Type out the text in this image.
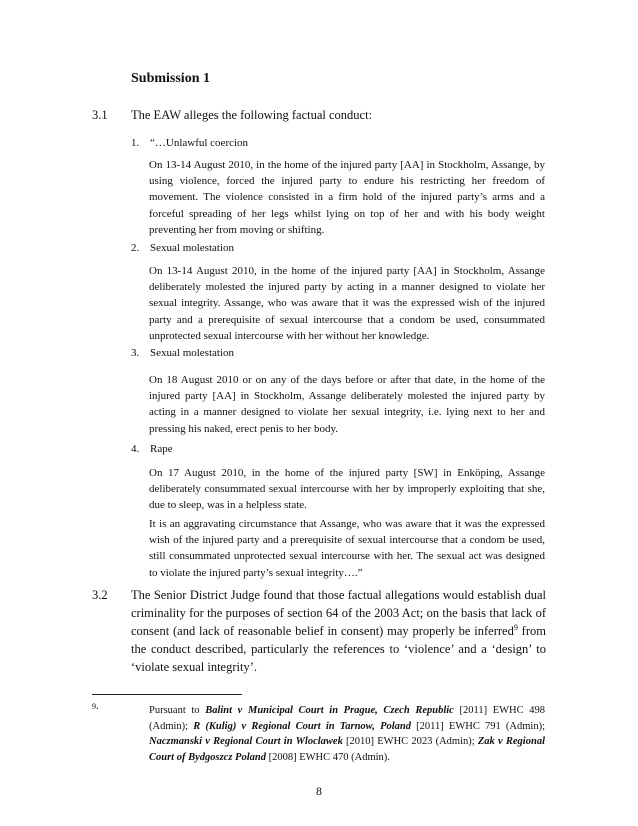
Submission 1
3.1 The EAW alleges the following factual conduct:
1. “…Unlawful coercion
On 13-14 August 2010, in the home of the injured party [AA] in Stockholm, Assange, by using violence, forced the injured party to endure his restricting her freedom of movement. The violence consisted in a firm hold of the injured party’s arms and a forceful spreading of her legs whilst lying on top of her and with his body weight preventing her from moving or shifting.
2. Sexual molestation
On 13-14 August 2010, in the home of the injured party [AA] in Stockholm, Assange deliberately molested the injured party by acting in a manner designed to violate her sexual integrity. Assange, who was aware that it was the expressed wish of the injured party and a prerequisite of sexual intercourse that a condom be used, consummated unprotected sexual intercourse with her without her knowledge.
3. Sexual molestation
On 18 August 2010 or on any of the days before or after that date, in the home of the injured party [AA] in Stockholm, Assange deliberately molested the injured party by acting in a manner designed to violate her sexual integrity, i.e. lying next to her and pressing his naked, erect penis to her body.
4. Rape
On 17 August 2010, in the home of the injured party [SW] in Enköping, Assange deliberately consummated sexual intercourse with her by improperly exploiting that she, due to sleep, was in a helpless state.
It is an aggravating circumstance that Assange, who was aware that it was the expressed wish of the injured party and a prerequisite of sexual intercourse that a condom be used, still consummated unprotected sexual intercourse with her. The sexual act was designed to violate the injured party’s sexual integrity….”
3.2 The Senior District Judge found that those factual allegations would establish dual criminality for the purposes of section 64 of the 2003 Act; on the basis that lack of consent (and lack of reasonable belief in consent) may properly be inferred$^9$ from the conduct described, particularly the references to ‘violence’ and a ‘design’ to ‘violate sexual integrity’.
9.	Pursuant to Balint v Municipal Court in Prague, Czech Republic [2011] EWHC 498 (Admin); R (Kulig) v Regional Court in Tarnow, Poland [2011] EWHC 791 (Admin); Naczmanski v Regional Court in Wloclawek [2010] EWHC 2023 (Admin); Zak v Regional Court of Bydgoszcz Poland [2008] EWHC 470 (Admin).
8
